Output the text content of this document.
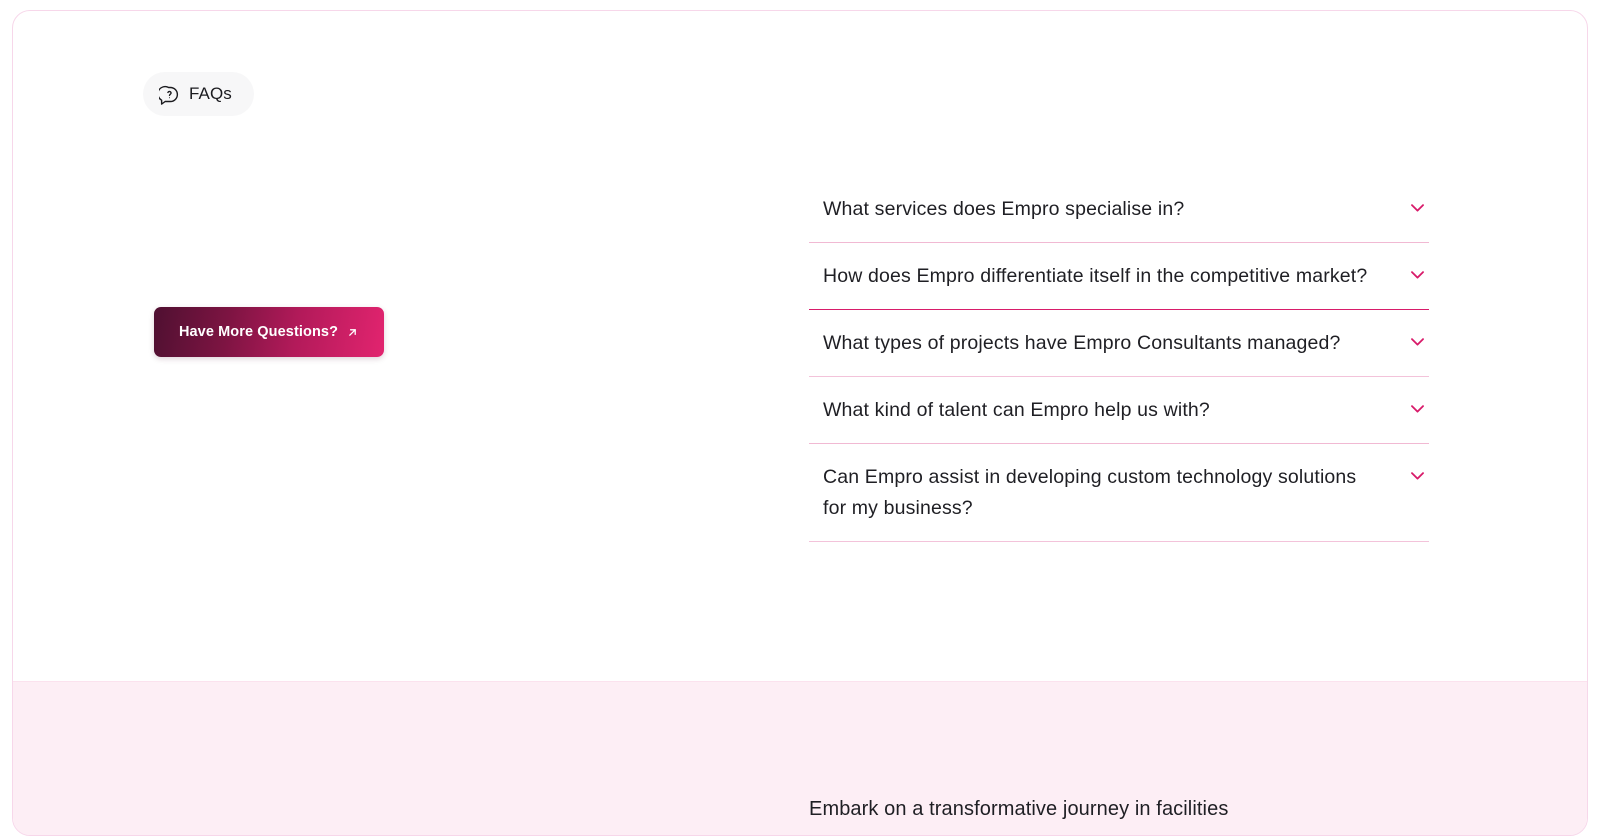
FAQs
Have More Questions?
What services does Empro specialise in?
How does Empro differentiate itself in the competitive market?
What types of projects have Empro Consultants managed?
What kind of talent can Empro help us with?
Can Empro assist in developing custom technology solutions for my business?
Embark on a transformative journey in facilities
